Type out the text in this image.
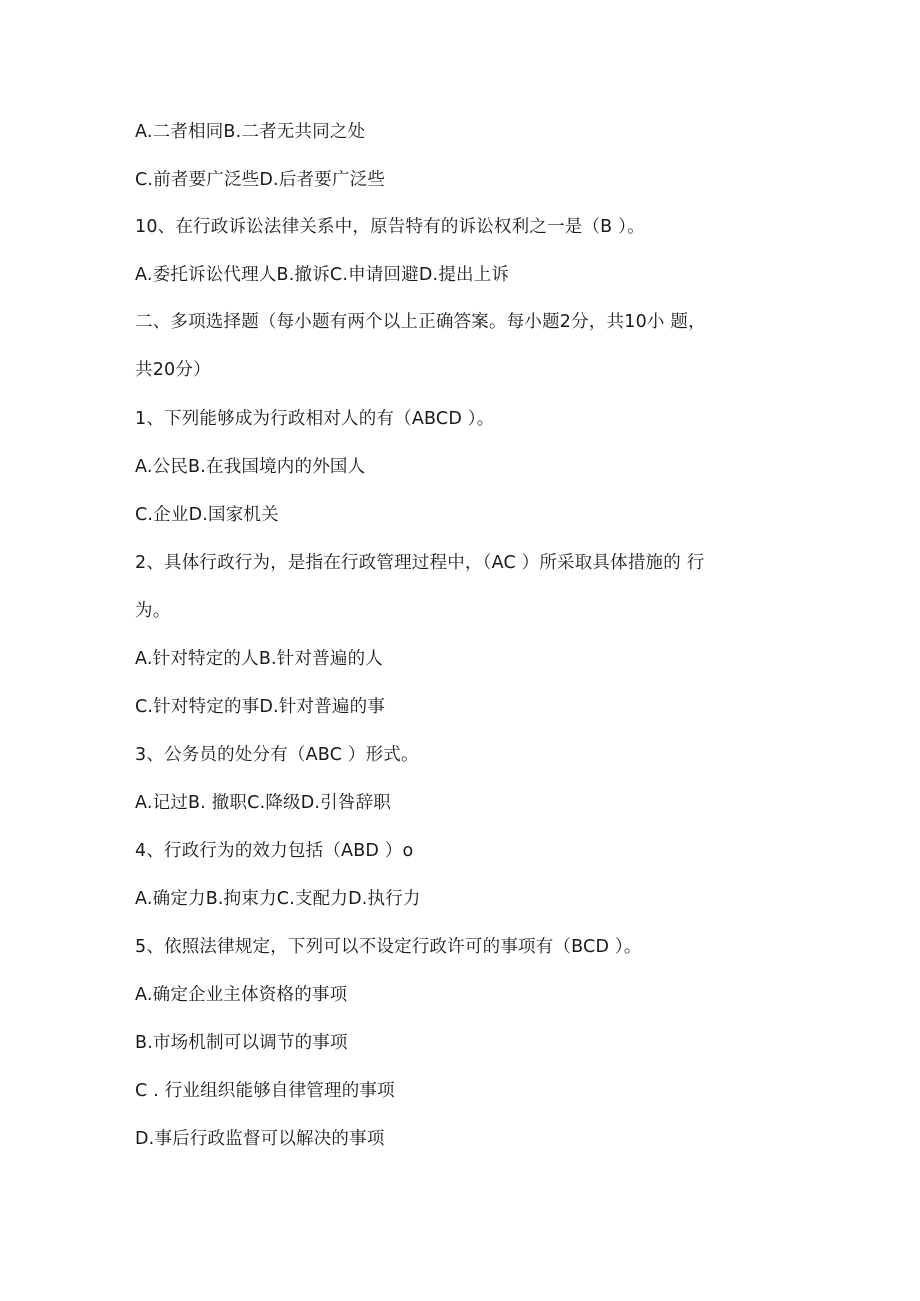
A.二者相同B.二者无共同之处
C.前者要广泛些D.后者要广泛些
10、在行政诉讼法律关系中，原告特有的诉讼权利之一是（B ）。
A.委托诉讼代理人B.撤诉C.申请回避D.提出上诉
二、多项选择题（每小题有两个以上正确答案。每小题2分，共10小 题，
共20分）
1、下列能够成为行政相对人的有（ABCD ）。
A.公民B.在我国境内的外国人
C.企业D.国家机关
2、具体行政行为，是指在行政管理过程中，（AC ）所采取具体措施的 行
为。
A.针对特定的人B.针对普遍的人
C.针对特定的事D.针对普遍的事
3、公务员的处分有（ABC ）形式。
A.记过B. 撤职C.降级D.引咎辞职
4、行政行为的效力包括（ABD ）o
A.确定力B.拘束力C.支配力D.执行力
5、依照法律规定，下列可以不设定行政许可的事项有（BCD ）。
A.确定企业主体资格的事项
B.市场机制可以调节的事项
C . 行业组织能够自律管理的事项
D.事后行政监督可以解决的事项
